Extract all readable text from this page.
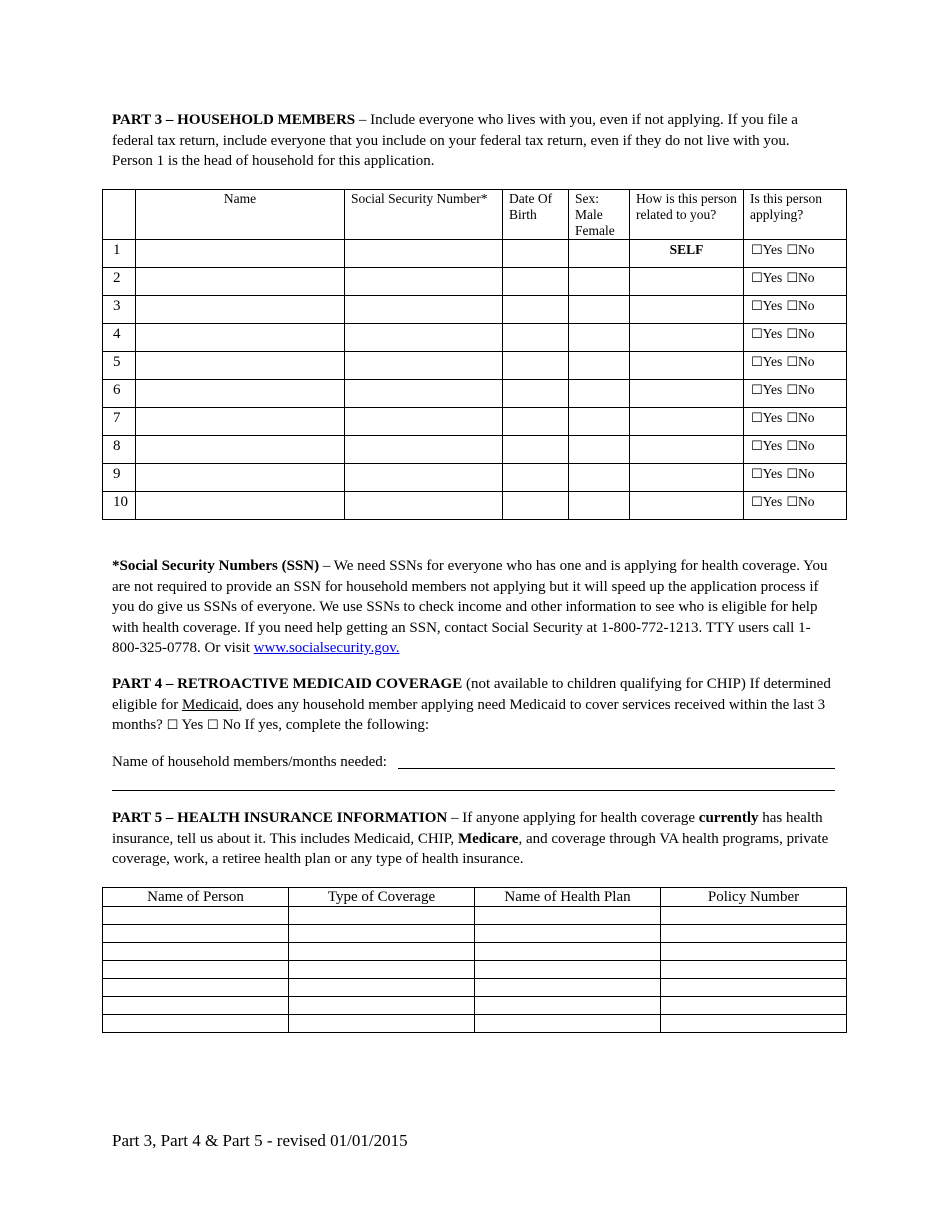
PART 3 – HOUSEHOLD MEMBERS – Include everyone who lives with you, even if not applying. If you file a federal tax return, include everyone that you include on your federal tax return, even if they do not live with you. Person 1 is the head of household for this application.

	Name	Social Security Number*	Date Of Birth	Sex: Male Female	How is this person related to you?	Is this person applying?
1					SELF	☐Yes ☐No
2						☐Yes ☐No
3						☐Yes ☐No
4						☐Yes ☐No
5						☐Yes ☐No
6						☐Yes ☐No
7						☐Yes ☐No
8						☐Yes ☐No
9						☐Yes ☐No
10						☐Yes ☐No

*Social Security Numbers (SSN) – We need SSNs for everyone who has one and is applying for health coverage. You are not required to provide an SSN for household members not applying but it will speed up the application process if you do give us SSNs of everyone. We use SSNs to check income and other information to see who is eligible for help with health coverage. If you need help getting an SSN, contact Social Security at 1-800-772-1213. TTY users call 1-800-325-0778. Or visit www.socialsecurity.gov.

PART 4 – RETROACTIVE MEDICAID COVERAGE (not available to children qualifying for CHIP) If determined eligible for Medicaid, does any household member applying need Medicaid to cover services received within the last 3 months? ☐ Yes ☐ No If yes, complete the following:

Name of household members/months needed:

PART 5 – HEALTH INSURANCE INFORMATION – If anyone applying for health coverage currently has health insurance, tell us about it. This includes Medicaid, CHIP, Medicare, and coverage through VA health programs, private coverage, work, a retiree health plan or any type of health insurance.

Name of Person	Type of Coverage	Name of Health Plan	Policy Number

Part 3, Part 4 & Part 5 - revised 01/01/2015
